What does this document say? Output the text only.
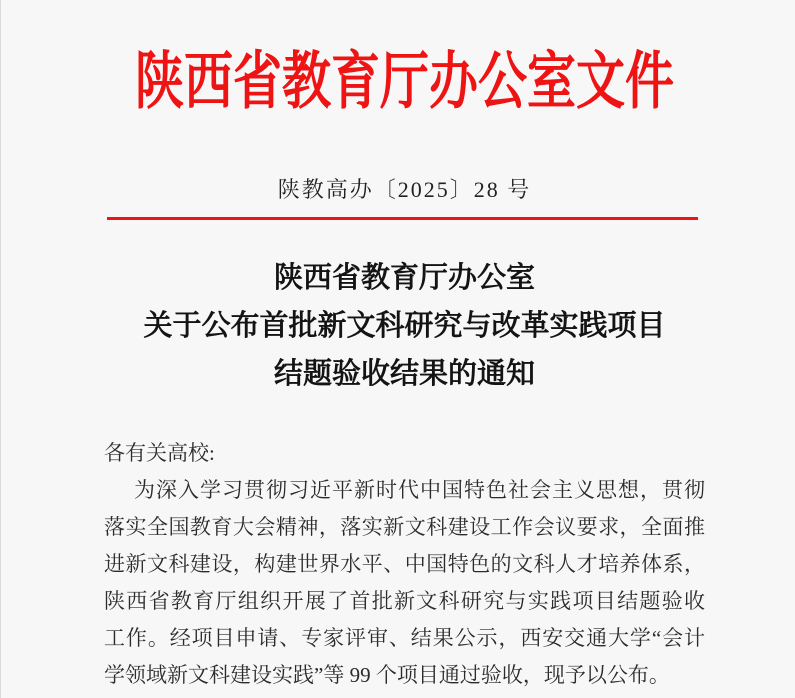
陕西省教育厅办公室文件
陕教高办〔2025〕28 号
陕西省教育厅办公室
关于公布首批新文科研究与改革实践项目
结题验收结果的通知
各有关高校:
为深入学习贯彻习近平新时代中国特色社会主义思想，贯彻
落实全国教育大会精神，落实新文科建设工作会议要求，全面推
进新文科建设，构建世界水平、中国特色的文科人才培养体系，
陕西省教育厅组织开展了首批新文科研究与实践项目结题验收
工作。经项目申请、专家评审、结果公示，西安交通大学“会计
学领域新文科建设实践”等 99 个项目通过验收，现予以公布。
